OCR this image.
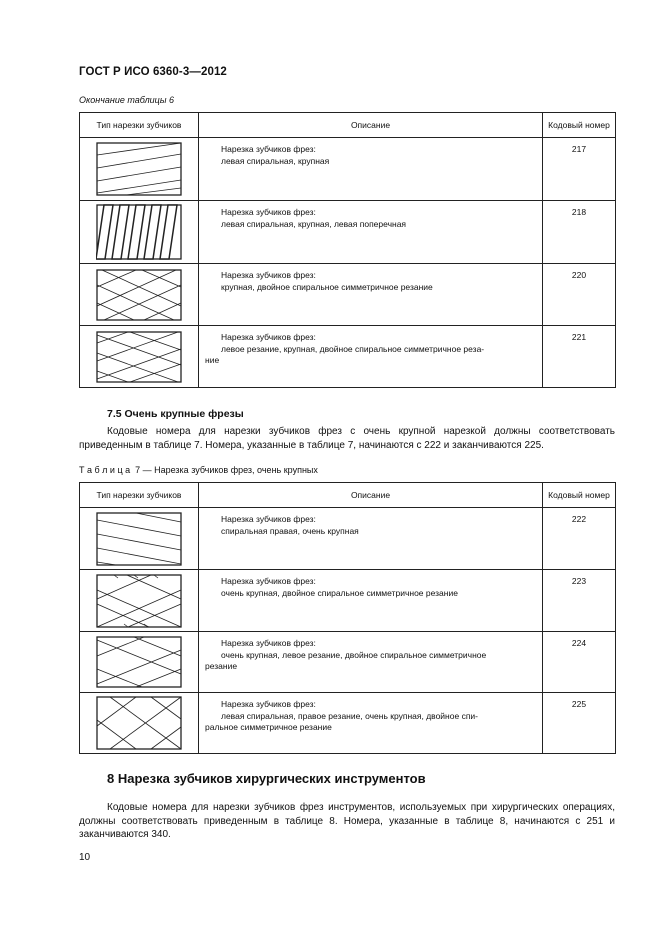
ГОСТ Р ИСО 6360-3—2012
Окончание таблицы 6
Тип нарезки зубчиков	Описание	Кодовый номер

Нарезка зубчиков фрез:
левая спиральная, крупная	217

Нарезка зубчиков фрез:
левая спиральная, крупная, левая поперечная	218

Нарезка зубчиков фрез:
крупная, двойное спиральное симметричное резание	220

Нарезка зубчиков фрез:
левое резание, крупная, двойное спиральное симметричное реза-
ние	221
7.5 Очень крупные фрезы
Кодовые номера для нарезки зубчиков фрез с очень крупной нарезкой должны соответствовать приведенным в таблице 7. Номера, указанные в таблице 7, начинаются с 222 и заканчиваются 225.
Т а б л и ц а  7 — Нарезка зубчиков фрез, очень крупных
Тип нарезки зубчиков	Описание	Кодовый номер

Нарезка зубчиков фрез:
спиральная правая, очень крупная	222

Нарезка зубчиков фрез:
очень крупная, двойное спиральное симметричное резание	223

Нарезка зубчиков фрез:
очень крупная, левое резание, двойное спиральное симметричное
резание	224

Нарезка зубчиков фрез:
левая спиральная, правое резание, очень крупная, двойное спи-
ральное симметричное резание	225
8 Нарезка зубчиков хирургических инструментов
Кодовые номера для нарезки зубчиков фрез инструментов, используемых при хирургических операциях, должны соответствовать приведенным в таблице 8. Номера, указанные в таблице 8, начинаются с 251 и заканчиваются 340.
10
